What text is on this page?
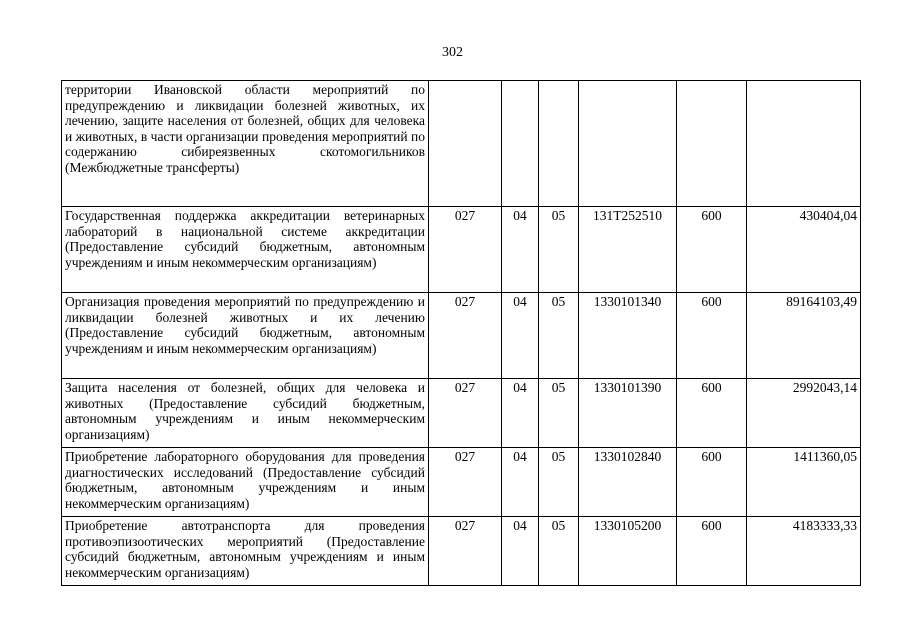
302
территории Ивановской области мероприятий по предупреждению и ликвидации болезней животных, их лечению, защите населения от болезней, общих для человека и животных, в части организации проведения мероприятий по содержанию сибиреязвенных скотомогильников (Межбюджетные трансферты)						
Государственная поддержка аккредитации ветеринарных лабораторий в национальной системе аккредитации (Предоставление субсидий бюджетным, автономным учреждениям и иным некоммерческим организациям)	027	04	05	131Т252510	600	430404,04
Организация проведения мероприятий по предупреждению и ликвидации болезней животных и их лечению (Предоставление субсидий бюджетным, автономным учреждениям и иным некоммерческим организациям)	027	04	05	1330101340	600	89164103,49
Защита населения от болезней, общих для человека и животных (Предоставление субсидий бюджетным, автономным учреждениям и иным некоммерческим организациям)	027	04	05	1330101390	600	2992043,14
Приобретение лабораторного оборудования для проведения диагностических исследований (Предоставление субсидий бюджетным, автономным учреждениям и иным некоммерческим организациям)	027	04	05	1330102840	600	1411360,05
Приобретение автотранспорта для проведения противоэпизоотических мероприятий (Предоставление субсидий бюджетным, автономным учреждениям и иным некоммерческим организациям)	027	04	05	1330105200	600	4183333,33
